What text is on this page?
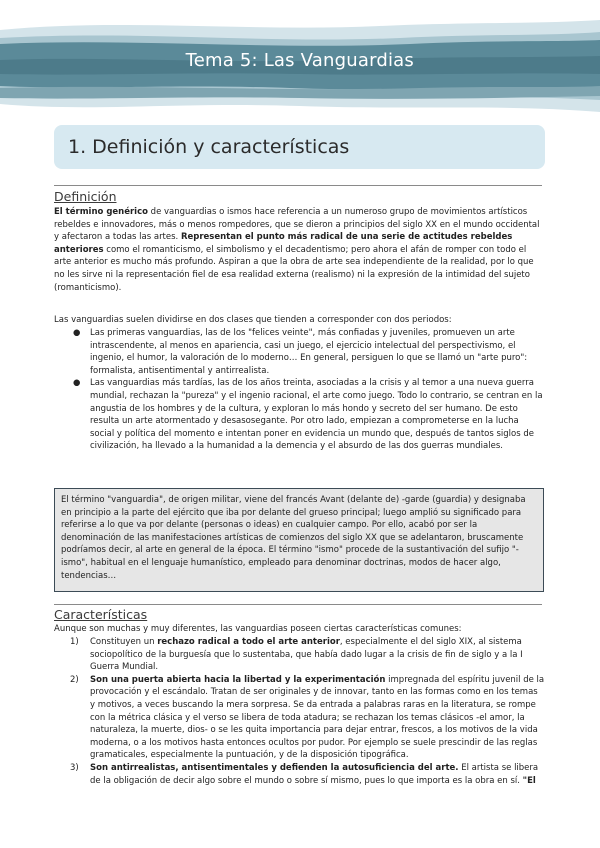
Tema 5: Las Vanguardias
1. Definición y características
Definición
El término genérico de vanguardias o ismos hace referencia a un numeroso grupo de movimientos artísticos rebeldes e innovadores, más o menos rompedores, que se dieron a principios del siglo XX en el mundo occidental y afectaron a todas las artes. Representan el punto más radical de una serie de actitudes rebeldes anteriores como el romanticismo, el simbolismo y el decadentismo; pero ahora el afán de romper con todo el arte anterior es mucho más profundo. Aspiran a que la obra de arte sea independiente de la realidad, por lo que no les sirve ni la representación fiel de esa realidad externa (realismo) ni la expresión de la intimidad del sujeto (romanticismo).
Las vanguardias suelen dividirse en dos clases que tienden a corresponder con dos periodos:
● Las primeras vanguardias, las de los "felices veinte", más confiadas y juveniles, promueven un arte intrascendente, al menos en apariencia, casi un juego, el ejercicio intelectual del perspectivismo, el ingenio, el humor, la valoración de lo moderno… En general, persiguen lo que se llamó un "arte puro": formalista, antisentimental y antirrealista.
● Las vanguardias más tardías, las de los años treinta, asociadas a la crisis y al temor a una nueva guerra mundial, rechazan la "pureza" y el ingenio racional, el arte como juego. Todo lo contrario, se centran en la angustia de los hombres y de la cultura, y exploran lo más hondo y secreto del ser humano. De esto resulta un arte atormentado y desasosegante. Por otro lado, empiezan a comprometerse en la lucha social y política del momento e intentan poner en evidencia un mundo que, después de tantos siglos de civilización, ha llevado a la humanidad a la demencia y el absurdo de las dos guerras mundiales.
El término "vanguardia", de origen militar, viene del francés Avant (delante de) -garde (guardia) y designaba en principio a la parte del ejército que iba por delante del grueso principal; luego amplió su significado para referirse a lo que va por delante (personas o ideas) en cualquier campo. Por ello, acabó por ser la denominación de las manifestaciones artísticas de comienzos del siglo XX que se adelantaron, bruscamente podríamos decir, al arte en general de la época. El término "ismo" procede de la sustantivación del sufijo "-ismo", habitual en el lenguaje humanístico, empleado para denominar doctrinas, modos de hacer algo, tendencias…
Características
Aunque son muchas y muy diferentes, las vanguardias poseen ciertas características comunes:
1) Constituyen un rechazo radical a todo el arte anterior, especialmente el del siglo XIX, al sistema sociopolítico de la burguesía que lo sustentaba, que había dado lugar a la crisis de fin de siglo y a la I Guerra Mundial.
2) Son una puerta abierta hacia la libertad y la experimentación impregnada del espíritu juvenil de la provocación y el escándalo. Tratan de ser originales y de innovar, tanto en las formas como en los temas y motivos, a veces buscando la mera sorpresa. Se da entrada a palabras raras en la literatura, se rompe con la métrica clásica y el verso se libera de toda atadura; se rechazan los temas clásicos -el amor, la naturaleza, la muerte, dios- o se les quita importancia para dejar entrar, frescos, a los motivos de la vida moderna, o a los motivos hasta entonces ocultos por pudor. Por ejemplo se suele prescindir de las reglas gramaticales, especialmente la puntuación, y de la disposición tipográfica.
3) Son antirrealistas, antisentimentales y defienden la autosuficiencia del arte. El artista se libera de la obligación de decir algo sobre el mundo o sobre sí mismo, pues lo que importa es la obra en sí. "El
